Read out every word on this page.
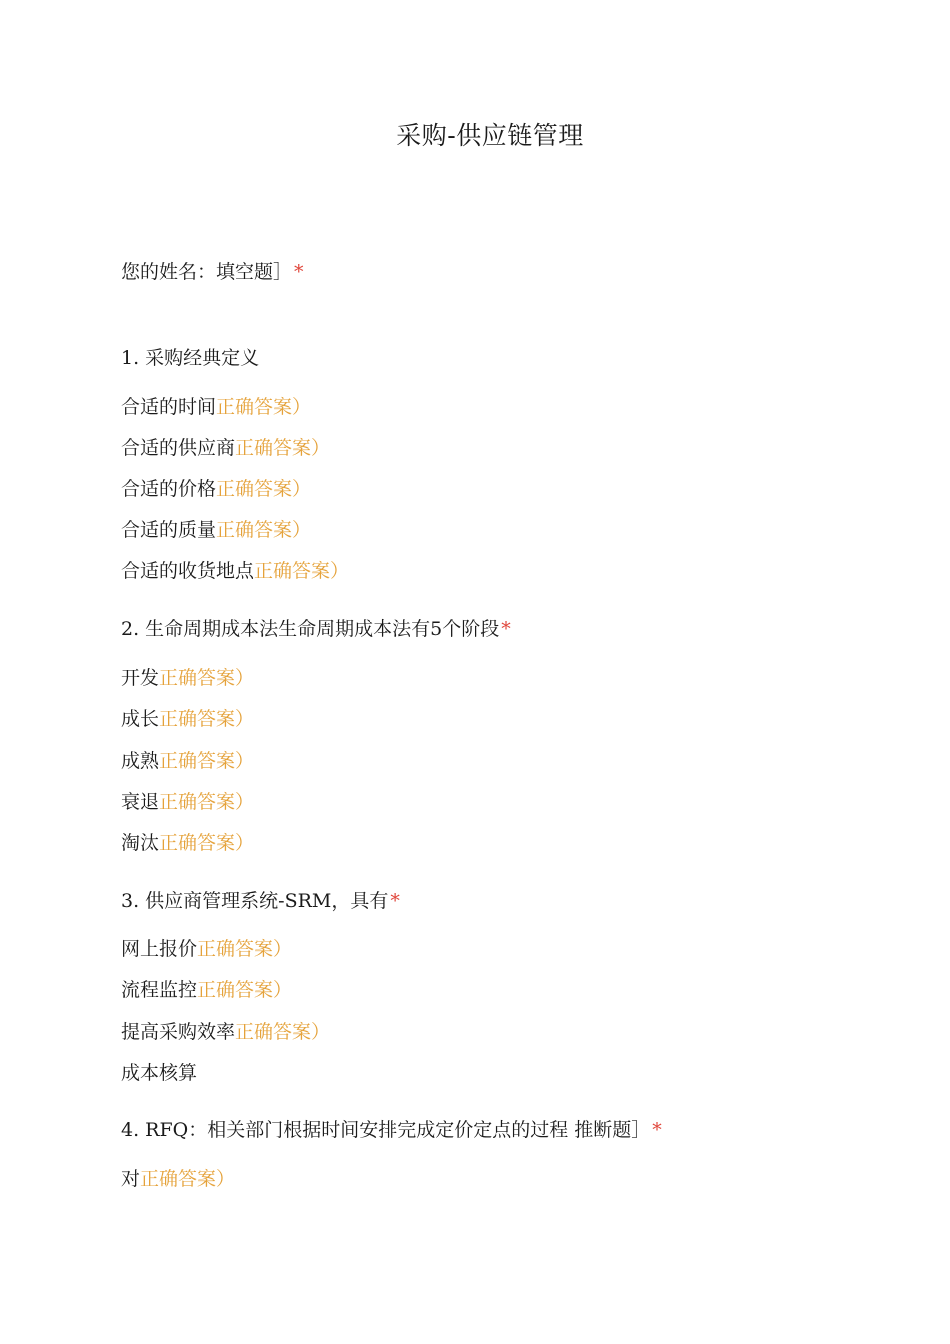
采购-供应链管理
您的姓名：填空题］ *
1. 采购经典定义
合适的时间正确答案）
合适的供应商正确答案）
合适的价格正确答案）
合适的质量正确答案）
合适的收货地点正确答案）
2. 生命周期成本法生命周期成本法有5个阶段 *
开发正确答案）
成长正确答案）
成熟正确答案）
衰退正确答案）
淘汰正确答案）
3. 供应商管理系统-SRM，具有 *
网上报价正确答案）
流程监控正确答案）
提高采购效率正确答案）
成本核算
4. RFQ：相关部门根据时间安排完成定价定点的过程 推断题］ *
对正确答案）
